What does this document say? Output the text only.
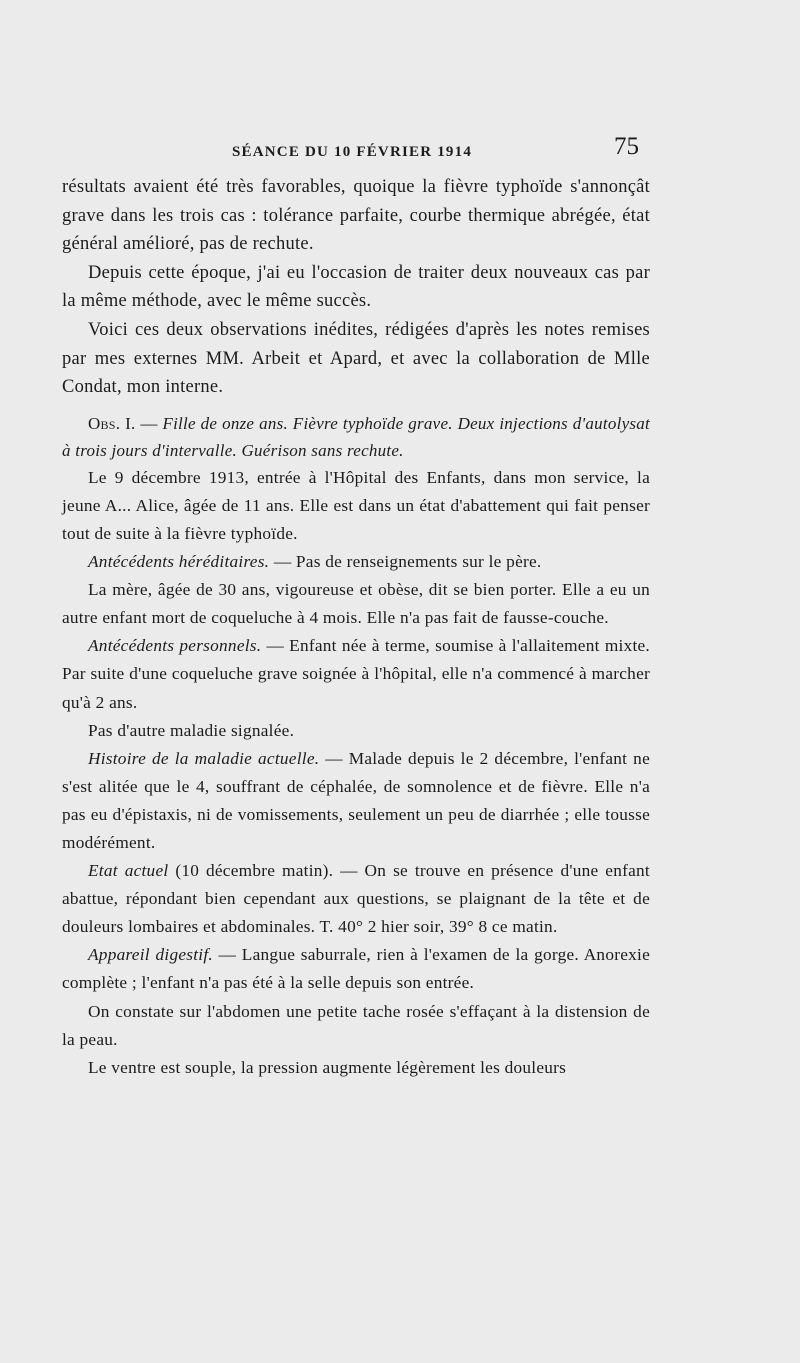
SÉANCE DU 10 FÉVRIER 1914	75

résultats avaient été très favorables, quoique la fièvre typhoïde s'annonçât grave dans les trois cas : tolérance parfaite, courbe thermique abrégée, état général amélioré, pas de rechute.

Depuis cette époque, j'ai eu l'occasion de traiter deux nouveaux cas par la même méthode, avec le même succès.

Voici ces deux observations inédites, rédigées d'après les notes remises par mes externes MM. Arbeit et Apard, et avec la collaboration de Mlle Condat, mon interne.

Obs. I. — Fille de onze ans. Fièvre typhoïde grave. Deux injections d'autolysat à trois jours d'intervalle. Guérison sans rechute.

Le 9 décembre 1913, entrée à l'Hôpital des Enfants, dans mon service, la jeune A... Alice, âgée de 11 ans. Elle est dans un état d'abattement qui fait penser tout de suite à la fièvre typhoïde.

Antécédents héréditaires. — Pas de renseignements sur le père.

La mère, âgée de 30 ans, vigoureuse et obèse, dit se bien porter. Elle a eu un autre enfant mort de coqueluche à 4 mois. Elle n'a pas fait de fausse-couche.

Antécédents personnels. — Enfant née à terme, soumise à l'allaitement mixte. Par suite d'une coqueluche grave soignée à l'hôpital, elle n'a commencé à marcher qu'à 2 ans.

Pas d'autre maladie signalée.

Histoire de la maladie actuelle. — Malade depuis le 2 décembre, l'enfant ne s'est alitée que le 4, souffrant de céphalée, de somnolence et de fièvre. Elle n'a pas eu d'épistaxis, ni de vomissements, seulement un peu de diarrhée ; elle tousse modérément.

Etat actuel (10 décembre matin). — On se trouve en présence d'une enfant abattue, répondant bien cependant aux questions, se plaignant de la tête et de douleurs lombaires et abdominales. T. 40° 2 hier soir, 39° 8 ce matin.

Appareil digestif. — Langue saburrale, rien à l'examen de la gorge. Anorexie complète ; l'enfant n'a pas été à la selle depuis son entrée.

On constate sur l'abdomen une petite tache rosée s'effaçant à la distension de la peau.

Le ventre est souple, la pression augmente légèrement les douleurs
